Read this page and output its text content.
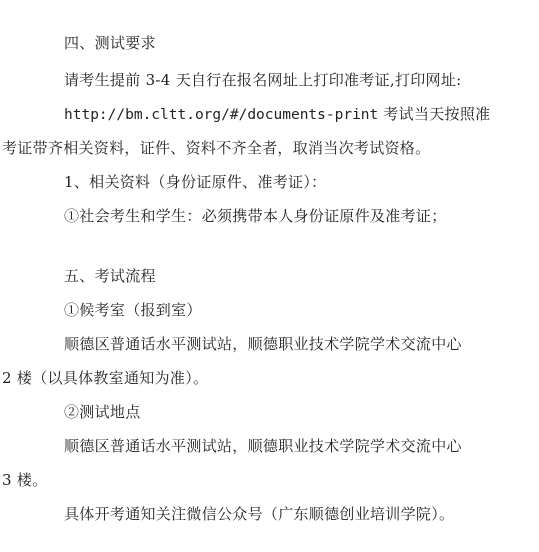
四、测试要求
请考生提前 3-4 天自行在报名网址上打印准考证,打印网址:
http://bm.cltt.org/#/documents-print 考试当天按照准
考证带齐相关资料，证件、资料不齐全者，取消当次考试资格。
1、相关资料（身份证原件、准考证）：
①社会考生和学生：必须携带本人身份证原件及准考证；
五、考试流程
①候考室（报到室）
顺德区普通话水平测试站，顺德职业技术学院学术交流中心
2 楼（以具体教室通知为准）。
②测试地点
顺德区普通话水平测试站，顺德职业技术学院学术交流中心
3 楼。
具体开考通知关注微信公众号（广东顺德创业培训学院）。
